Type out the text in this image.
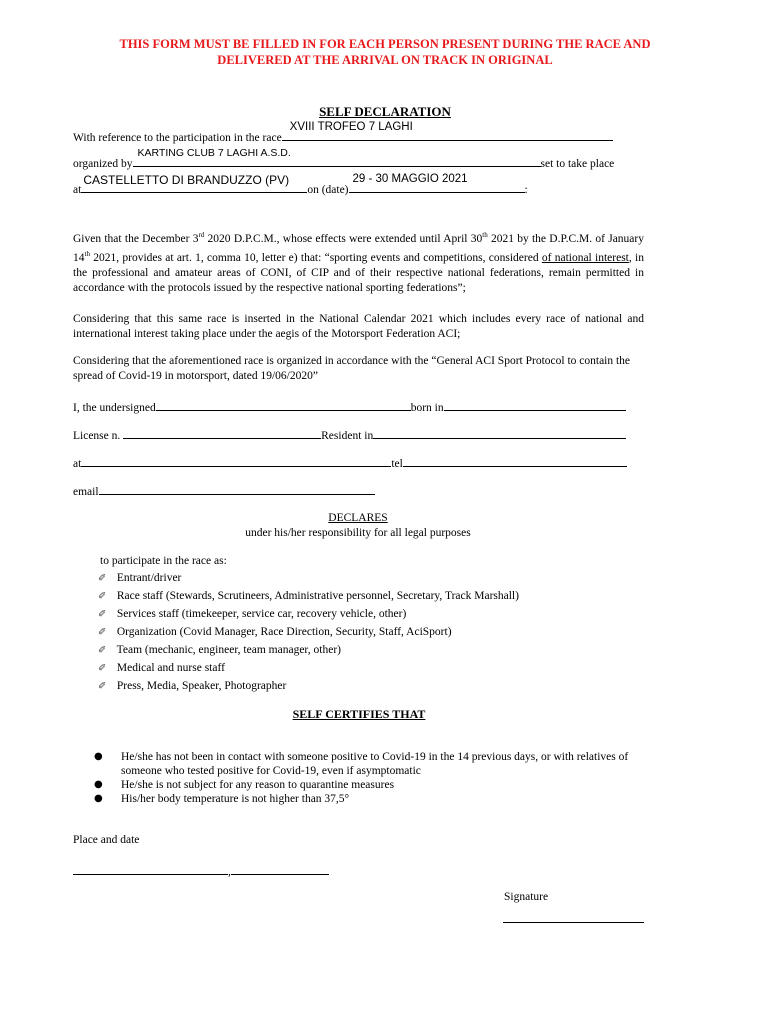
THIS FORM MUST BE FILLED IN FOR EACH PERSON PRESENT DURING THE RACE AND
DELIVERED AT THE ARRIVAL ON TRACK IN ORIGINAL
SELF DECLARATION
With reference to the participation in the race
XVIII TROFEO 7 LAGHI
organized by
KARTING CLUB 7 LAGHI A.S.D.
set to take place
at
CASTELLETTO DI BRANDUZZO (PV)
on (date)
29 - 30 MAGGIO 2021
:
Given that the December 3rd 2020 D.P.C.M., whose effects were extended until April 30th 2021 by the D.P.C.M. of January 14th 2021, provides at art. 1, comma 10, letter e) that: “sporting events and competitions, considered of national interest, in the professional and amateur areas of CONI, of CIP and of their respective national federations, remain permitted in accordance with the protocols issued by the respective national sporting federations”;
Considering that this same race is inserted in the National Calendar 2021 which includes every race of national and international interest taking place under the aegis of the Motorsport Federation ACI;
Considering that the aforementioned race is organized in accordance with the “General ACI Sport Protocol to contain the spread of Covid-19 in motorsport, dated 19/06/2020”
I, the undersigned	born in
License n.	Resident in
at	tel
email
DECLARES
under his/her responsibility for all legal purposes
to participate in the race as:
✐ Entrant/driver
✐ Race staff (Stewards, Scrutineers, Administrative personnel, Secretary, Track Marshall)
✐ Services staff (timekeeper, service car, recovery vehicle, other)
✐ Organization (Covid Manager, Race Direction, Security, Staff, AciSport)
✐ Team (mechanic, engineer, team manager, other)
✐ Medical and nurse staff
✐ Press, Media, Speaker, Photographer
SELF CERTIFIES THAT
● He/she has not been in contact with someone positive to Covid-19 in the 14 previous days, or with relatives of someone who tested positive for Covid-19, even if asymptomatic
● He/she is not subject for any reason to quarantine measures
● His/her body temperature is not higher than 37,5°
Place and date
,
Signature
